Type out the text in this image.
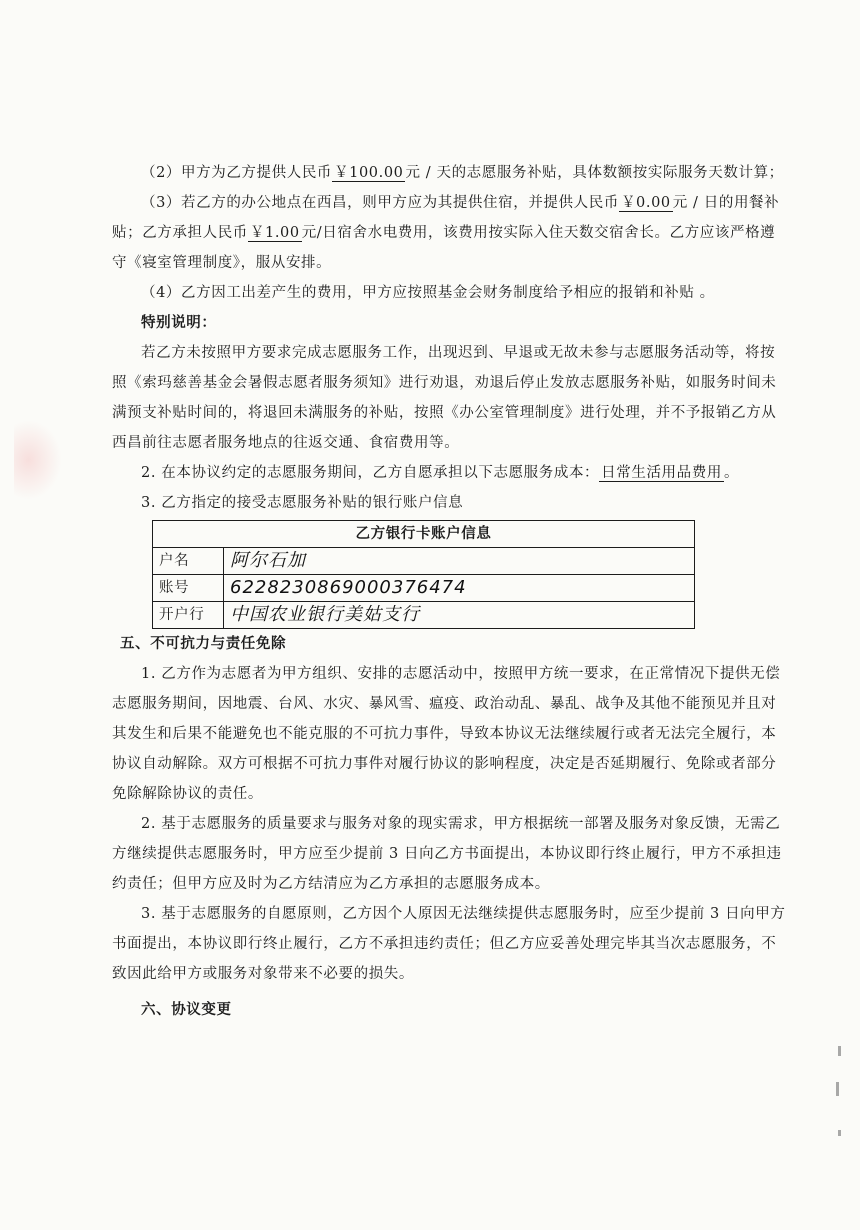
（2）甲方为乙方提供人民币 ￥100.00 元 / 天的志愿服务补贴，具体数额按实际服务天数计算；

（3）若乙方的办公地点在西昌，则甲方应为其提供住宿，并提供人民币 ￥0.00 元 / 日的用餐补贴；乙方承担人民币 ￥1.00 元/日宿舍水电费用，该费用按实际入住天数交宿舍长。乙方应该严格遵守《寝室管理制度》，服从安排。

（4）乙方因工出差产生的费用，甲方应按照基金会财务制度给予相应的报销和补贴 。

特别说明：

若乙方未按照甲方要求完成志愿服务工作，出现迟到、早退或无故未参与志愿服务活动等，将按照《索玛慈善基金会暑假志愿者服务须知》进行劝退，劝退后停止发放志愿服务补贴，如服务时间未满预支补贴时间的，将退回未满服务的补贴，按照《办公室管理制度》进行处理，并不予报销乙方从西昌前往志愿者服务地点的往返交通、食宿费用等。

2. 在本协议约定的志愿服务期间，乙方自愿承担以下志愿服务成本： 日常生活用品费用 。

3. 乙方指定的接受志愿服务补贴的银行账户信息

乙方银行卡账户信息	
户名	阿尔石加
账号	6228230869000376474
开户行	中国农业银行美姑支行

五、不可抗力与责任免除

1. 乙方作为志愿者为甲方组织、安排的志愿活动中，按照甲方统一要求，在正常情况下提供无偿志愿服务期间，因地震、台风、水灾、暴风雪、瘟疫、政治动乱、暴乱、战争及其他不能预见并且对其发生和后果不能避免也不能克服的不可抗力事件，导致本协议无法继续履行或者无法完全履行，本协议自动解除。双方可根据不可抗力事件对履行协议的影响程度，决定是否延期履行、免除或者部分免除解除协议的责任。

2. 基于志愿服务的质量要求与服务对象的现实需求，甲方根据统一部署及服务对象反馈，无需乙方继续提供志愿服务时，甲方应至少提前 3 日向乙方书面提出，本协议即行终止履行，甲方不承担违约责任；但甲方应及时为乙方结清应为乙方承担的志愿服务成本。

3. 基于志愿服务的自愿原则，乙方因个人原因无法继续提供志愿服务时，应至少提前 3 日向甲方书面提出，本协议即行终止履行，乙方不承担违约责任；但乙方应妥善处理完毕其当次志愿服务，不致因此给甲方或服务对象带来不必要的损失。

六、协议变更
